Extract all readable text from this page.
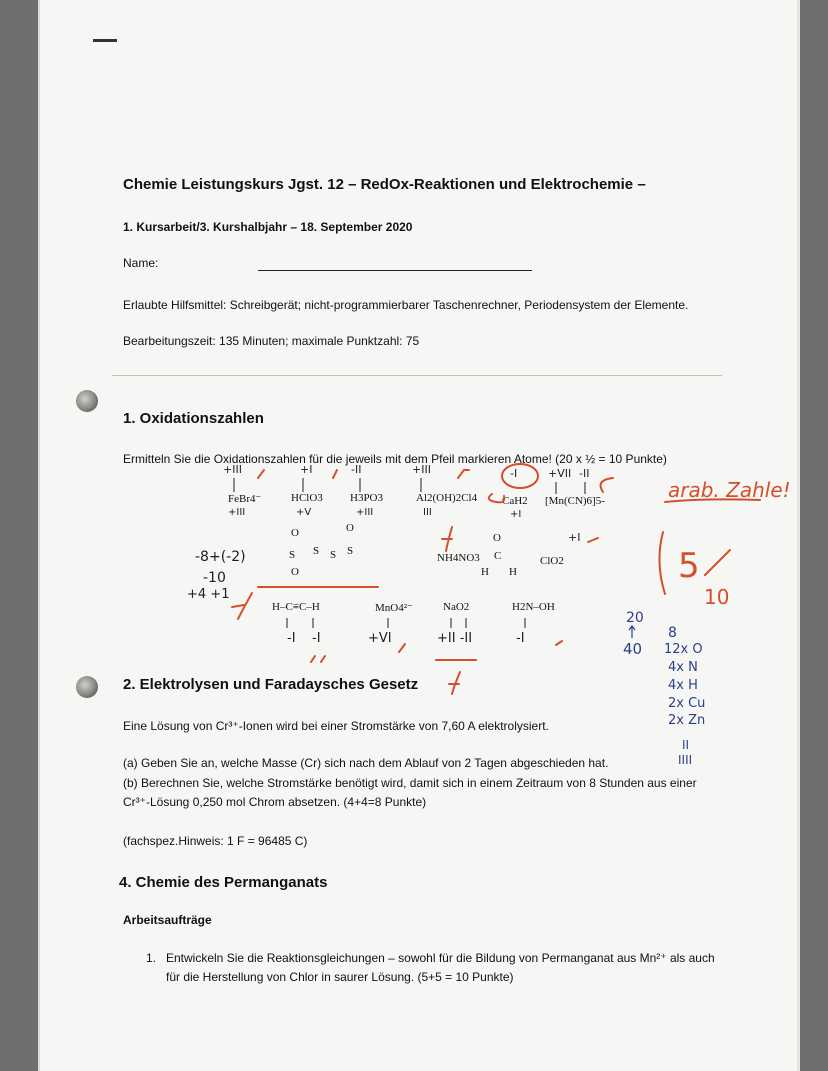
Chemie Leistungskurs Jgst. 12 – RedOx-Reaktionen und Elektrochemie –
1. Kursarbeit/3. Kurshalbjahr – 18. September 2020
Name:
Erlaubte Hilfsmittel: Schreibgerät; nicht-programmierbarer Taschenrechner, Periodensystem der Elemente.
Bearbeitungszeit: 135 Minuten; maximale Punktzahl: 75
1. Oxidationszahlen
Ermitteln Sie die Oxidationszahlen für die jeweils mit dem Pfeil markieren Atome! (20 x ½ = 10 Punkte)
FeBr4⁻	HClO3 H3PO3	Al2(OH)2Cl4 CaH2 [Mn(CN)6]5-
NH4NO3	ClO2
H–C≡C–H	MnO4²⁻	NaO2	H2N–OH
H H
O
C
O	O
O
S S S S
+III	+I	-II	+III	-I	+VII -II
+I
+III	+V	+III	III	+I
-8+(-2)
-10
+4 +1
-I -I	+VI	+II -II	-I
arab. Zahle!
5
10
20
40
8
12x O
4x N
4x H
2x Cu
2x Zn
II
IIII
2. Elektrolysen und Faradaysches Gesetz
Eine Lösung von Cr³⁺-Ionen wird bei einer Stromstärke von 7,60 A elektrolysiert.
(a) Geben Sie an, welche Masse (Cr) sich nach dem Ablauf von 2 Tagen abgeschieden hat.
(b) Berechnen Sie, welche Stromstärke benötigt wird, damit sich in einem Zeitraum von 8 Stunden aus einer
Cr³⁺-Lösung 0,250 mol Chrom absetzen. (4+4=8 Punkte)
(fachspez.Hinweis: 1 F = 96485 C)
4. Chemie des Permanganats
Arbeitsaufträge
1. Entwickeln Sie die Reaktionsgleichungen – sowohl für die Bildung von Permanganat aus Mn²⁺ als auch
für die Herstellung von Chlor in saurer Lösung. (5+5 = 10 Punkte)
